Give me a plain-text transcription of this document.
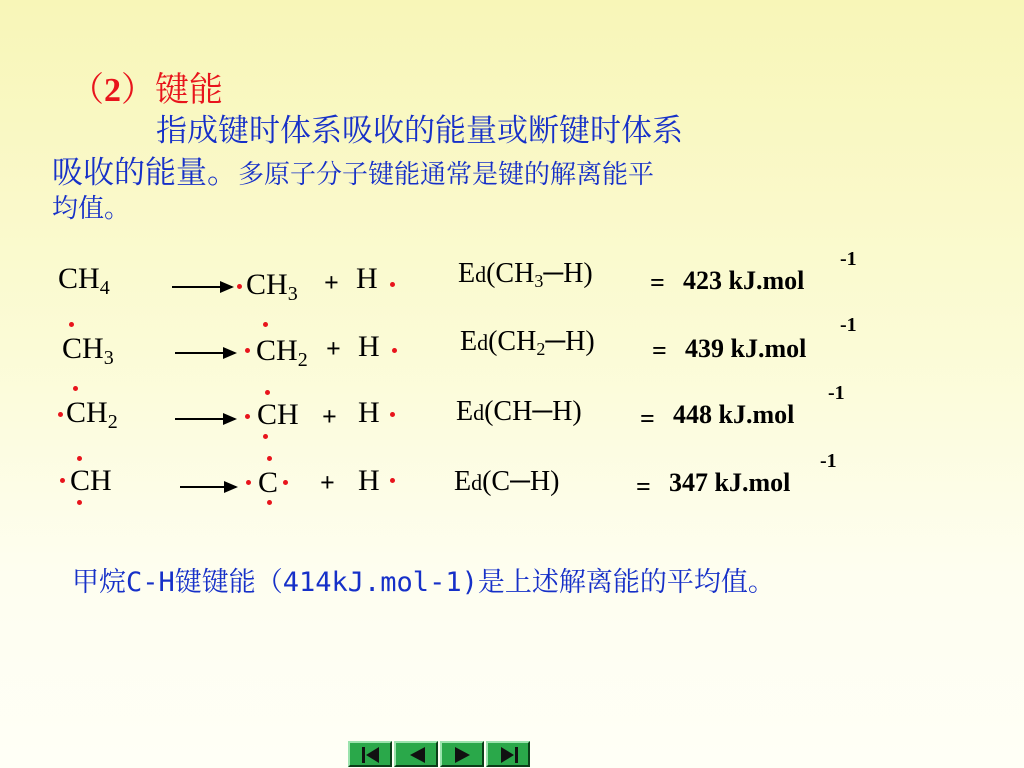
（2）键能
指成键时体系吸收的能量或断键时体系
吸收的能量。多原子分子键能通常是键的解离能平
均值。
$CH_4$	→ $CH_3 + H$	$Ed(CH_3─H) = 423$ kJ.mol
-1
$CH_3$	→ $CH_2 + H$	$Ed(CH_2─H) = 439$ kJ.mol
-1
$CH_2$	→ CH + H	Ed(CH─H) = 448 kJ.mol
-1
CH	→ C + H	Ed(C─H)	= 347 kJ.mol
-1
甲烷C-H键键能（414kJ.mol-1)是上述解离能的平均值。
